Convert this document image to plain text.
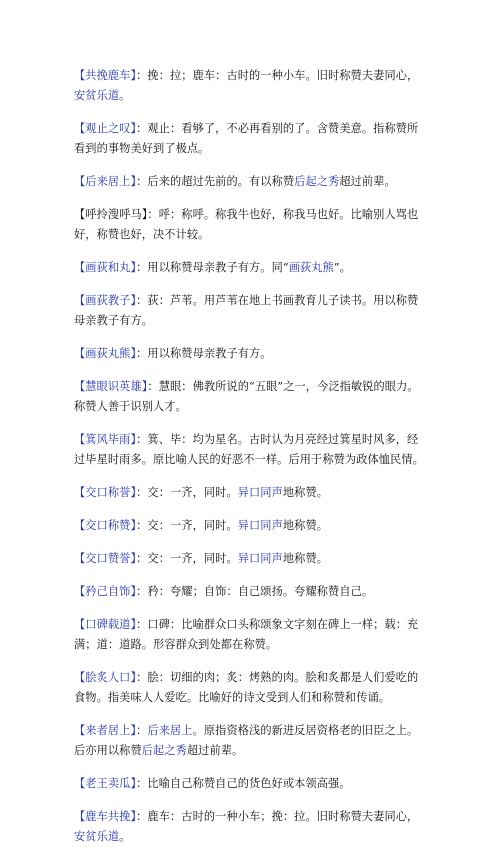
【共挽鹿车】：挽：拉；鹿车：古时的一种小车。旧时称赞夫妻同心，安贫乐道。

【观止之叹】：观止：看够了，不必再看别的了。含赞美意。指称赞所看到的事物美好到了极点。

【后来居上】：后来的超过先前的。有以称赞后起之秀超过前辈。

【呼拎溲呼马】：呼：称呼。称我牛也好，称我马也好。比喻别人骂也好，称赞也好，决不计较。

【画荻和丸】：用以称赞母亲教子有方。同“画荻丸熊”。

【画荻教子】：荻：芦苇。用芦苇在地上书画教育儿子读书。用以称赞母亲教子有方。

【画荻丸熊】：用以称赞母亲教子有方。

【慧眼识英雄】：慧眼：佛教所说的“五眼”之一，今泛指敏锐的眼力。称赞人善于识别人才。

【箕风毕雨】：箕、毕：均为星名。古时认为月亮经过箕星时风多，经过毕星时雨多。原比喻人民的好恶不一样。后用于称赞为政体恤民情。

【交口称誉】：交：一齐，同时。异口同声地称赞。

【交口称赞】：交：一齐，同时。异口同声地称赞。

【交口赞誉】：交：一齐，同时。异口同声地称赞。

【矜己自饰】：矜：夸耀；自饰：自己颂扬。夸耀称赞自己。

【口碑载道】：口碑：比喻群众口头称颂象文字刻在碑上一样；载：充满；道：道路。形容群众到处都在称赞。

【脍炙人口】：脍：切细的肉；炙：烤熟的肉。脍和炙都是人们爱吃的食物。指美味人人爱吃。比喻好的诗文受到人们和称赞和传诵。

【来者居上】：后来居上。原指资格浅的新进反居资格老的旧臣之上。后亦用以称赞后起之秀超过前辈。

【老王卖瓜】：比喻自己称赞自己的货色好或本领高强。

【鹿车共挽】：鹿车：古时的一种小车；挽：拉。旧时称赞夫妻同心，安贫乐道。
